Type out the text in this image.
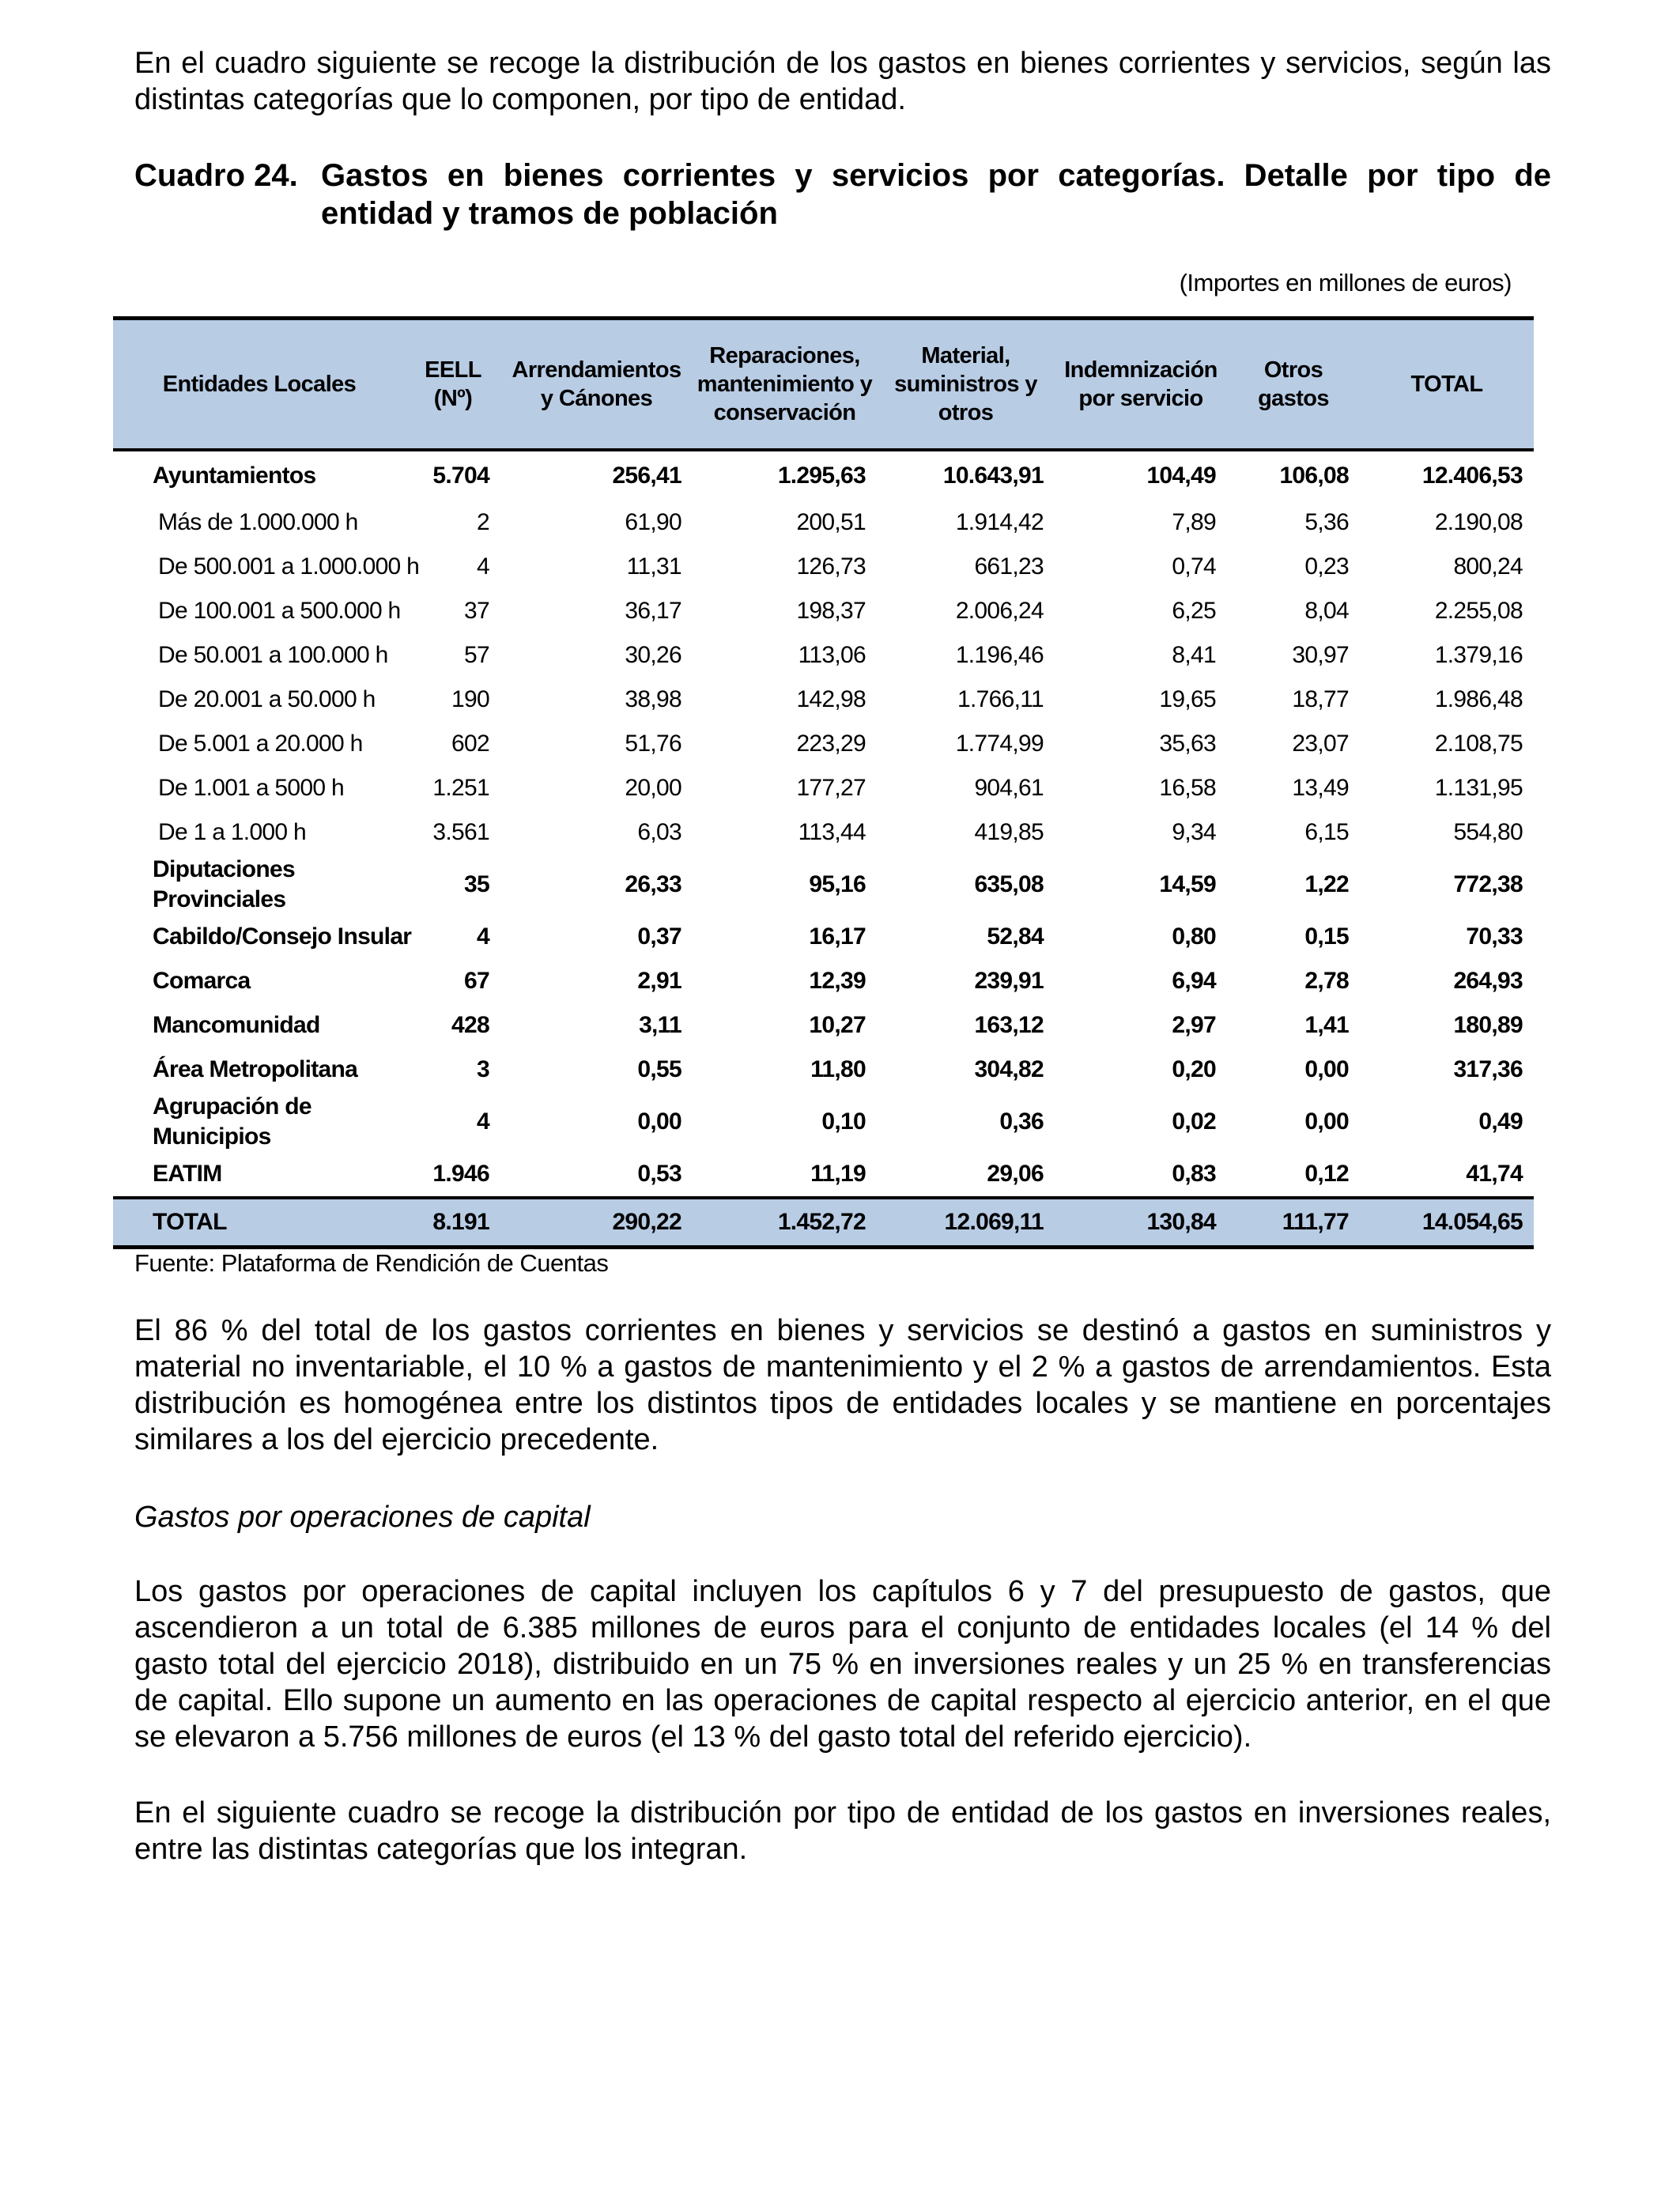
En el cuadro siguiente se recoge la distribución de los gastos en bienes corrientes y servicios, según las distintas categorías que lo componen, por tipo de entidad.
Cuadro 24. Gastos en bienes corrientes y servicios por categorías. Detalle por tipo de entidad y tramos de población
(Importes en millones de euros)
Entidades Locales	EELL (Nº)	Arrendamientos y Cánones	Reparaciones, mantenimiento y conservación	Material, suministros y otros	Indemnización por servicio	Otros gastos	TOTAL
Ayuntamientos	5.704	256,41	1.295,63	10.643,91	104,49	106,08	12.406,53
Más de 1.000.000 h	2	61,90	200,51	1.914,42	7,89	5,36	2.190,08
De 500.001 a 1.000.000 h	4	11,31	126,73	661,23	0,74	0,23	800,24
De 100.001 a 500.000 h	37	36,17	198,37	2.006,24	6,25	8,04	2.255,08
De 50.001 a 100.000 h	57	30,26	113,06	1.196,46	8,41	30,97	1.379,16
De 20.001 a 50.000 h	190	38,98	142,98	1.766,11	19,65	18,77	1.986,48
De 5.001 a 20.000 h	602	51,76	223,29	1.774,99	35,63	23,07	2.108,75
De 1.001 a 5000 h	1.251	20,00	177,27	904,61	16,58	13,49	1.131,95
De 1 a 1.000 h	3.561	6,03	113,44	419,85	9,34	6,15	554,80
Diputaciones Provinciales	35	26,33	95,16	635,08	14,59	1,22	772,38
Cabildo/Consejo Insular	4	0,37	16,17	52,84	0,80	0,15	70,33
Comarca	67	2,91	12,39	239,91	6,94	2,78	264,93
Mancomunidad	428	3,11	10,27	163,12	2,97	1,41	180,89
Área Metropolitana	3	0,55	11,80	304,82	0,20	0,00	317,36
Agrupación de Municipios	4	0,00	0,10	0,36	0,02	0,00	0,49
EATIM	1.946	0,53	11,19	29,06	0,83	0,12	41,74
TOTAL	8.191	290,22	1.452,72	12.069,11	130,84	111,77	14.054,65
Fuente: Plataforma de Rendición de Cuentas
El 86 % del total de los gastos corrientes en bienes y servicios se destinó a gastos en suministros y material no inventariable, el 10 % a gastos de mantenimiento y el 2 % a gastos de arrendamientos. Esta distribución es homogénea entre los distintos tipos de entidades locales y se mantiene en porcentajes similares a los del ejercicio precedente.
Gastos por operaciones de capital
Los gastos por operaciones de capital incluyen los capítulos 6 y 7 del presupuesto de gastos, que ascendieron a un total de 6.385 millones de euros para el conjunto de entidades locales (el 14 % del gasto total del ejercicio 2018), distribuido en un 75 % en inversiones reales y un 25 % en transferencias de capital. Ello supone un aumento en las operaciones de capital respecto al ejercicio anterior, en el que se elevaron a 5.756 millones de euros (el 13 % del gasto total del referido ejercicio).
En el siguiente cuadro se recoge la distribución por tipo de entidad de los gastos en inversiones reales, entre las distintas categorías que los integran.
